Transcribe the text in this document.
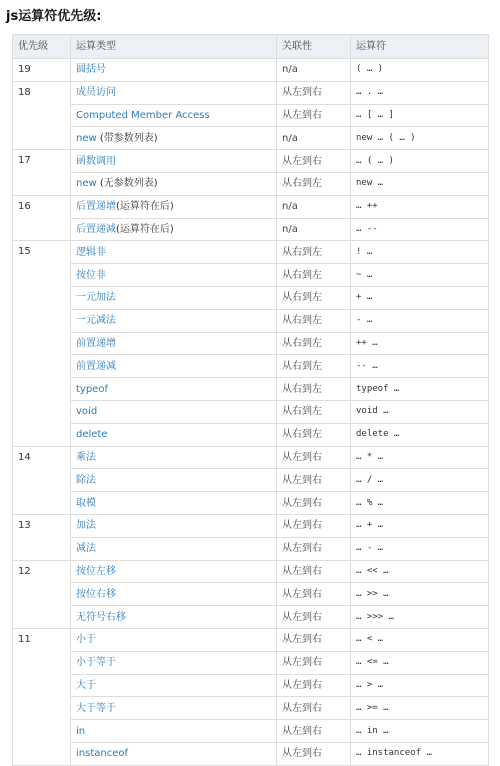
js运算符优先级:
优先级	运算类型	关联性	运算符
19	圆括号	n/a	( … )
18	成员访问	从左到右	… . …
	Computed Member Access	从左到右	… [ … ]
	new (带参数列表)	n/a	new … ( … )
17	函数调用	从左到右	… ( … )
	new (无参数列表)	从右到左	new …
16	后置递增(运算符在后)	n/a	… ++
	后置递减(运算符在后)	n/a	… --
15	逻辑非	从右到左	! …
	按位非	从右到左	~ …
	一元加法	从右到左	+ …
	一元减法	从右到左	- …
	前置递增	从右到左	++ …
	前置递减	从右到左	-- …
	typeof	从右到左	typeof …
	void	从右到左	void …
	delete	从右到左	delete …
14	乘法	从左到右	… * …
	除法	从左到右	… / …
	取模	从左到右	… % …
13	加法	从左到右	… + …
	减法	从左到右	… - …
12	按位左移	从左到右	… << …
	按位右移	从左到右	… >> …
	无符号右移	从左到右	… >>> …
11	小于	从左到右	… < …
	小于等于	从左到右	… <= …
	大于	从左到右	… > …
	大于等于	从左到右	… >= …
	in	从左到右	… in …
	instanceof	从左到右	… instanceof …
